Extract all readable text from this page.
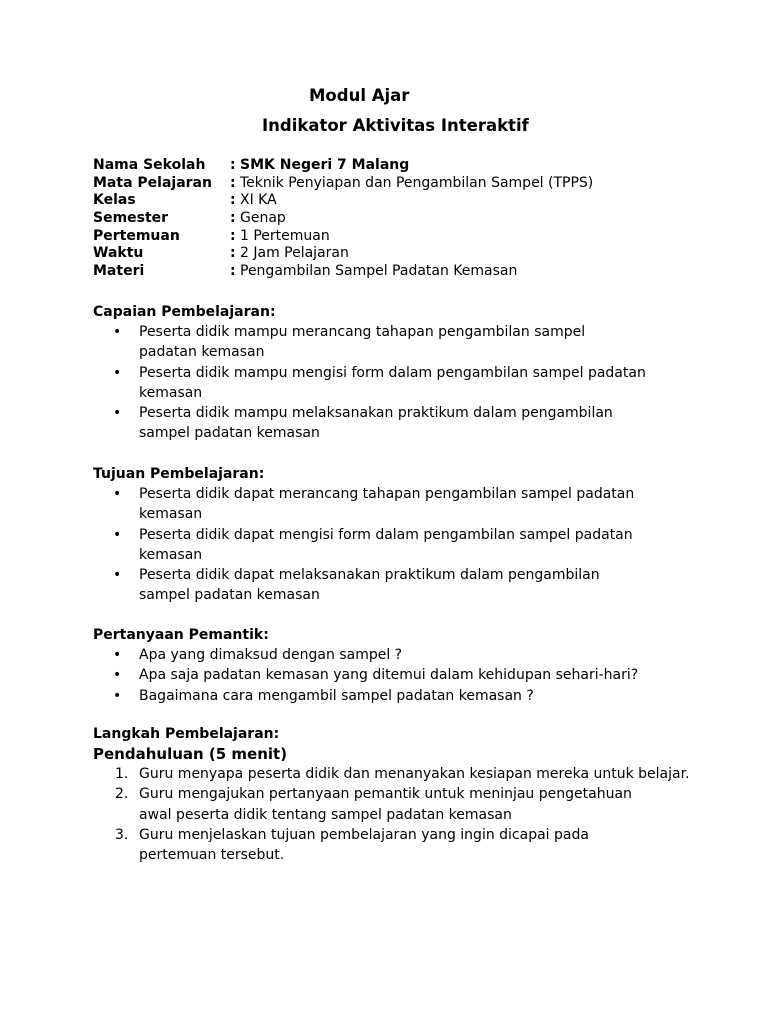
Modul Ajar
Indikator Aktivitas Interaktif
Nama Sekolah	: SMK Negeri 7 Malang
Mata Pelajaran	: Teknik Penyiapan dan Pengambilan Sampel (TPPS)
Kelas	: XI KA
Semester	: Genap
Pertemuan	: 1 Pertemuan
Waktu	: 2 Jam Pelajaran
Materi	: Pengambilan Sampel Padatan Kemasan
Capaian Pembelajaran:
• Peserta didik mampu merancang tahapan pengambilan sampel
padatan kemasan
• Peserta didik mampu mengisi form dalam pengambilan sampel padatan
kemasan
• Peserta didik mampu melaksanakan praktikum dalam pengambilan
sampel padatan kemasan
Tujuan Pembelajaran:
• Peserta didik dapat merancang tahapan pengambilan sampel padatan
kemasan
• Peserta didik dapat mengisi form dalam pengambilan sampel padatan
kemasan
• Peserta didik dapat melaksanakan praktikum dalam pengambilan
sampel padatan kemasan
Pertanyaan Pemantik:
• Apa yang dimaksud dengan sampel ?
• Apa saja padatan kemasan yang ditemui dalam kehidupan sehari-hari?
• Bagaimana cara mengambil sampel padatan kemasan ?
Langkah Pembelajaran:
Pendahuluan (5 menit)
1. Guru menyapa peserta didik dan menanyakan kesiapan mereka untuk belajar.
2. Guru mengajukan pertanyaan pemantik untuk meninjau pengetahuan
awal peserta didik tentang sampel padatan kemasan
3. Guru menjelaskan tujuan pembelajaran yang ingin dicapai pada
pertemuan tersebut.
